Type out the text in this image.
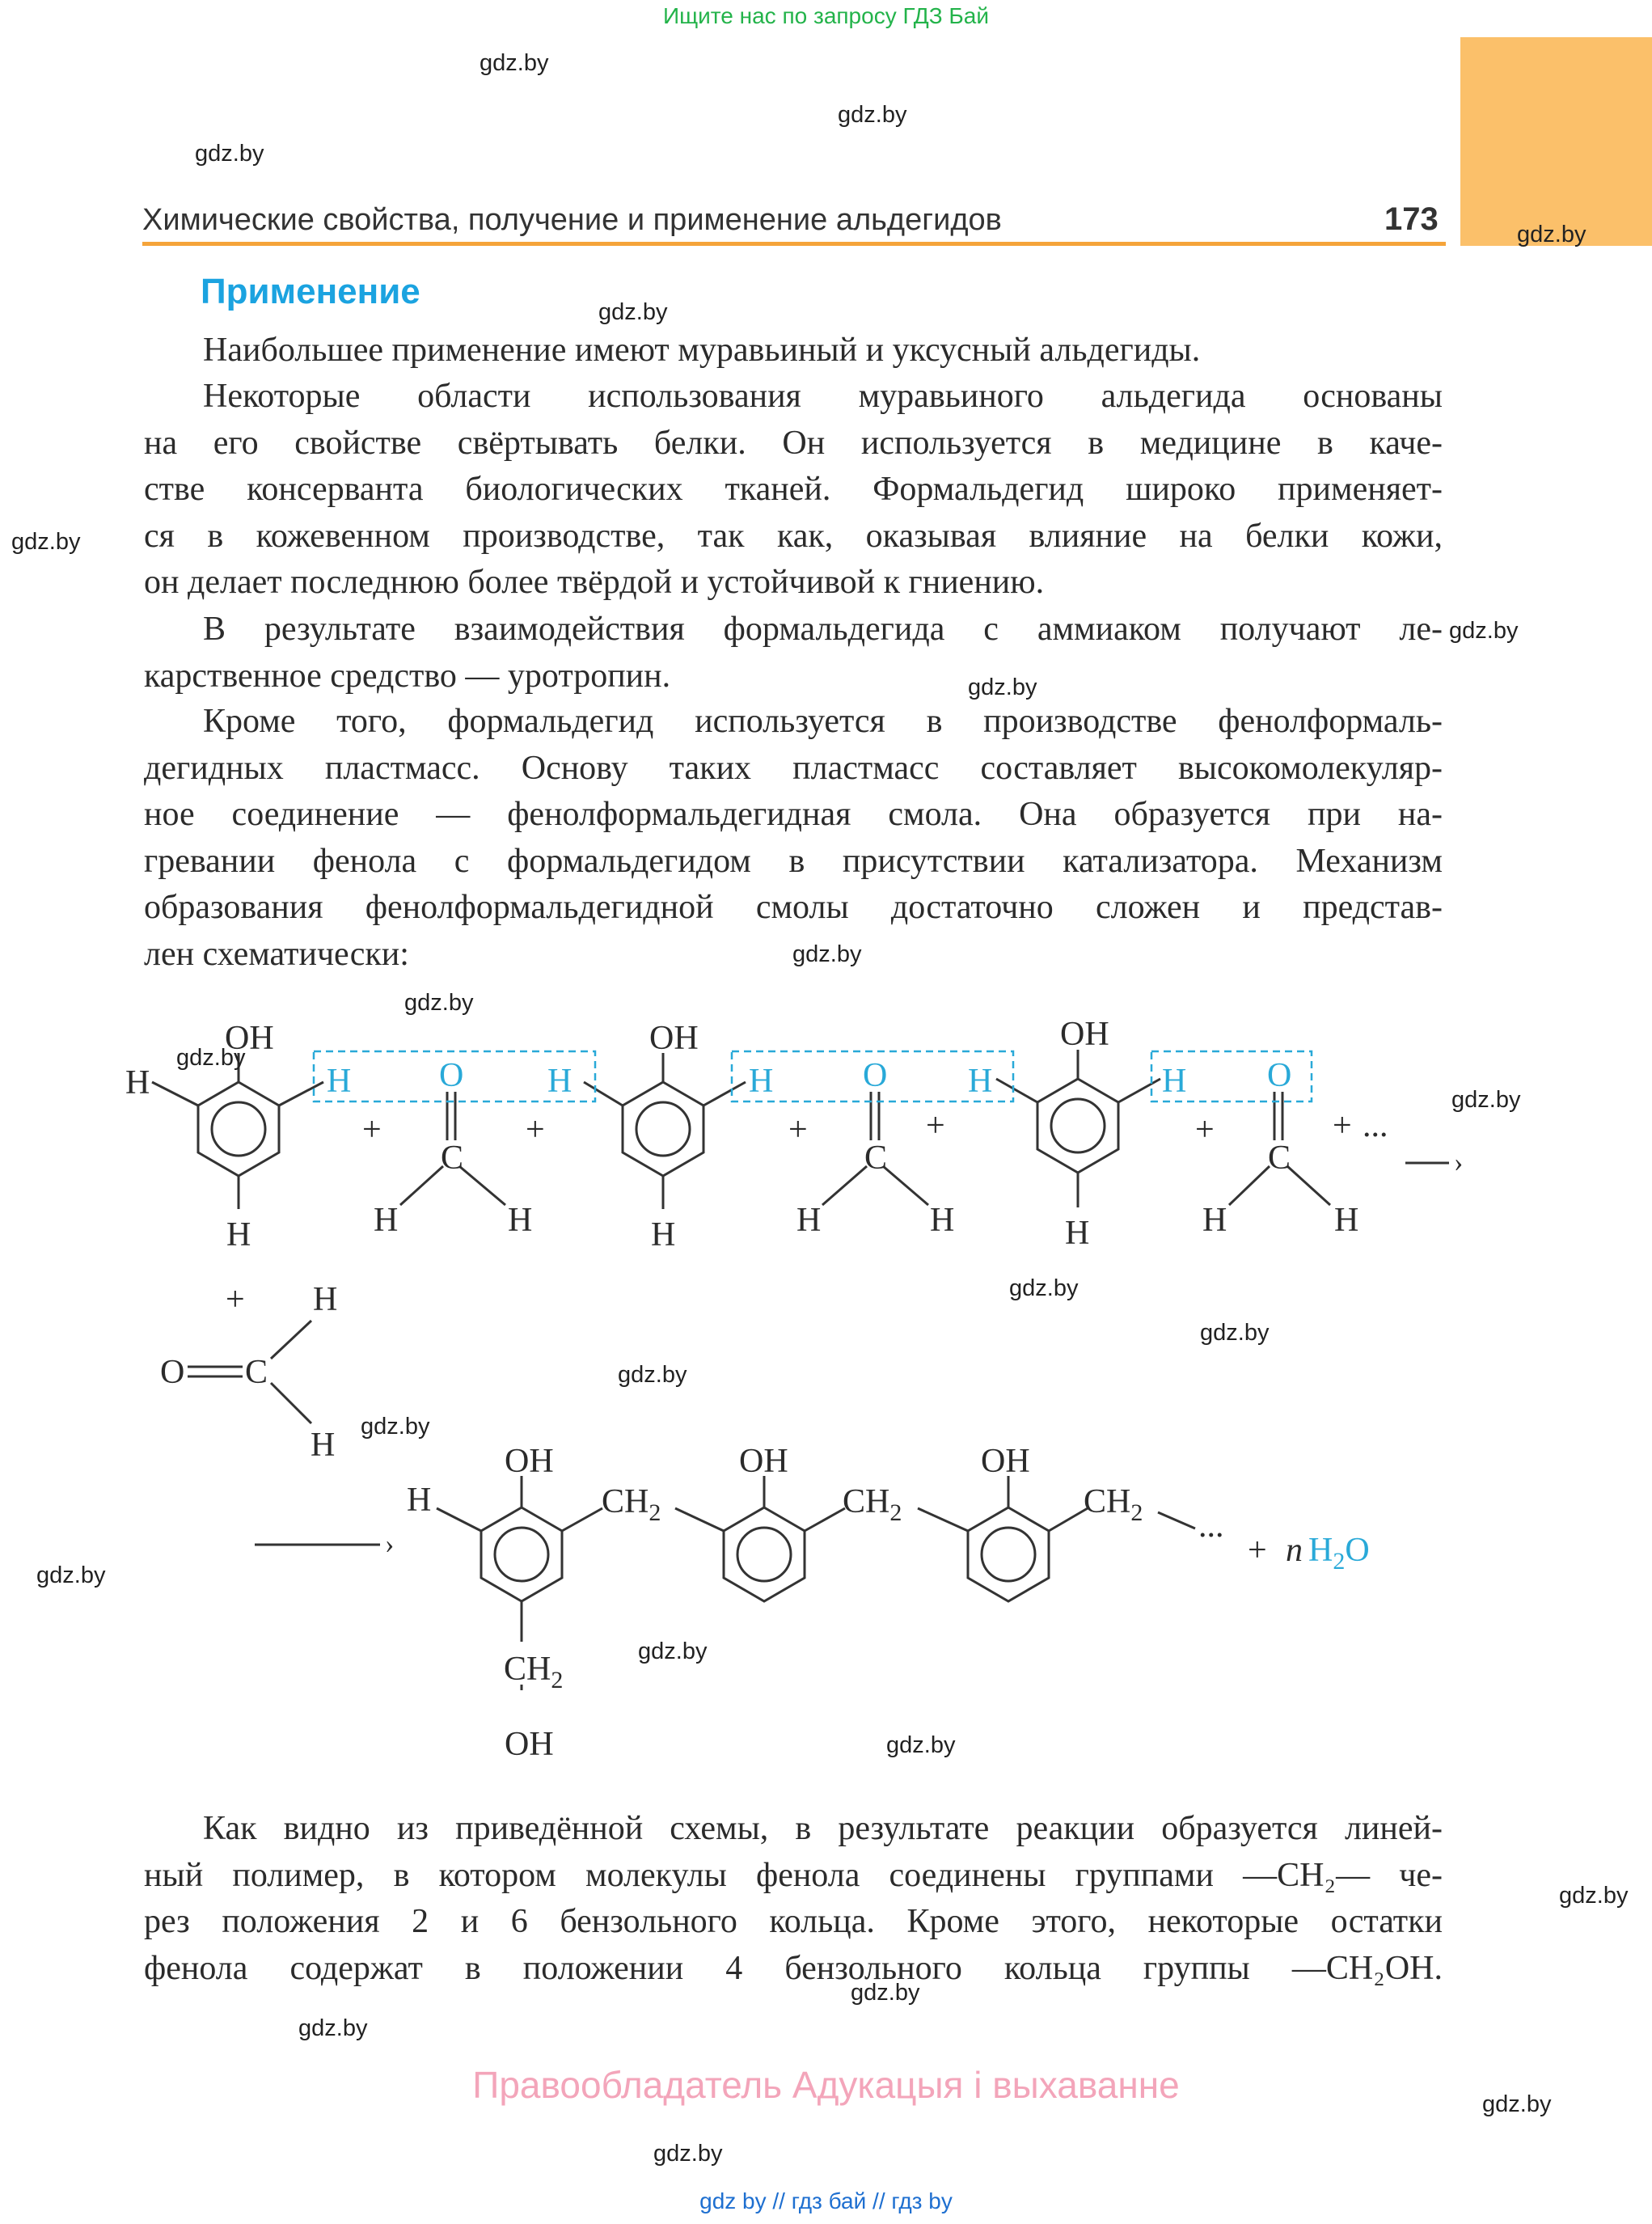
Ищите нас по запросу ГДЗ Бай
Химические свойства, получение и применение альдегидов	173
Применение
Наибольшее применение имеют муравьиный и уксусный альдегиды.
Некоторые области использования муравьиного альдегида основаны
на его свойстве свёртывать белки. Он используется в медицине в каче-
стве консерванта биологических тканей. Формальдегид широко применяет-
ся в кожевенном производстве, так как, оказывая влияние на белки кожи,
он делает последнюю более твёрдой и устойчивой к гниению.
В результате взаимодействия формальдегида с аммиаком получают ле-
карственное средство — уротропин.
Кроме того, формальдегид используется в производстве фенолформаль-
дегидных пластмасс. Основу таких пластмасс составляет высокомолекуляр-
ное соединение — фенолформальдегидная смола. Она образуется при на-
гревании фенола с формальдегидом в присутствии катализатора. Механизм
образования фенолформальдегидной смолы достаточно сложен и представ-
лен схематически:
OH
H
H
OH
H
OH
H
C
H	H
C
H	H
C
H	H
+	+	+	+	+	+ ...
›
H	O H	H	O H	H O
+ H
O C
H
›
OH
H	$CH_2$
$CH_2$
OH
OH
$CH_2$
OH
$CH_2$ ...
+ n $H_2O$
Как видно из приведённой схемы, в результате реакции образуется линей-
ный полимер, в котором молекулы фенола соединены группами —CH₂— че-
рез положения 2 и 6 бензольного кольца. Кроме этого, некоторые остатки
фенола содержат в положении 4 бензольного кольца группы —CH₂OH.
gdz.by
gdz.by
gdz.by
gdz.by
gdz.by
gdz.by
gdz.by
gdz.by
gdz.by
gdz.by
gdz.by
gdz.by
gdz.by
gdz.by
gdz.by
gdz.by
gdz.by
gdz.by
gdz.by
gdz.by
gdz.by
gdz.by
gdz.by
gdz.by
Правообладатель Адукацыя і выхаванне
gdz by // гдз бай // гдз by
